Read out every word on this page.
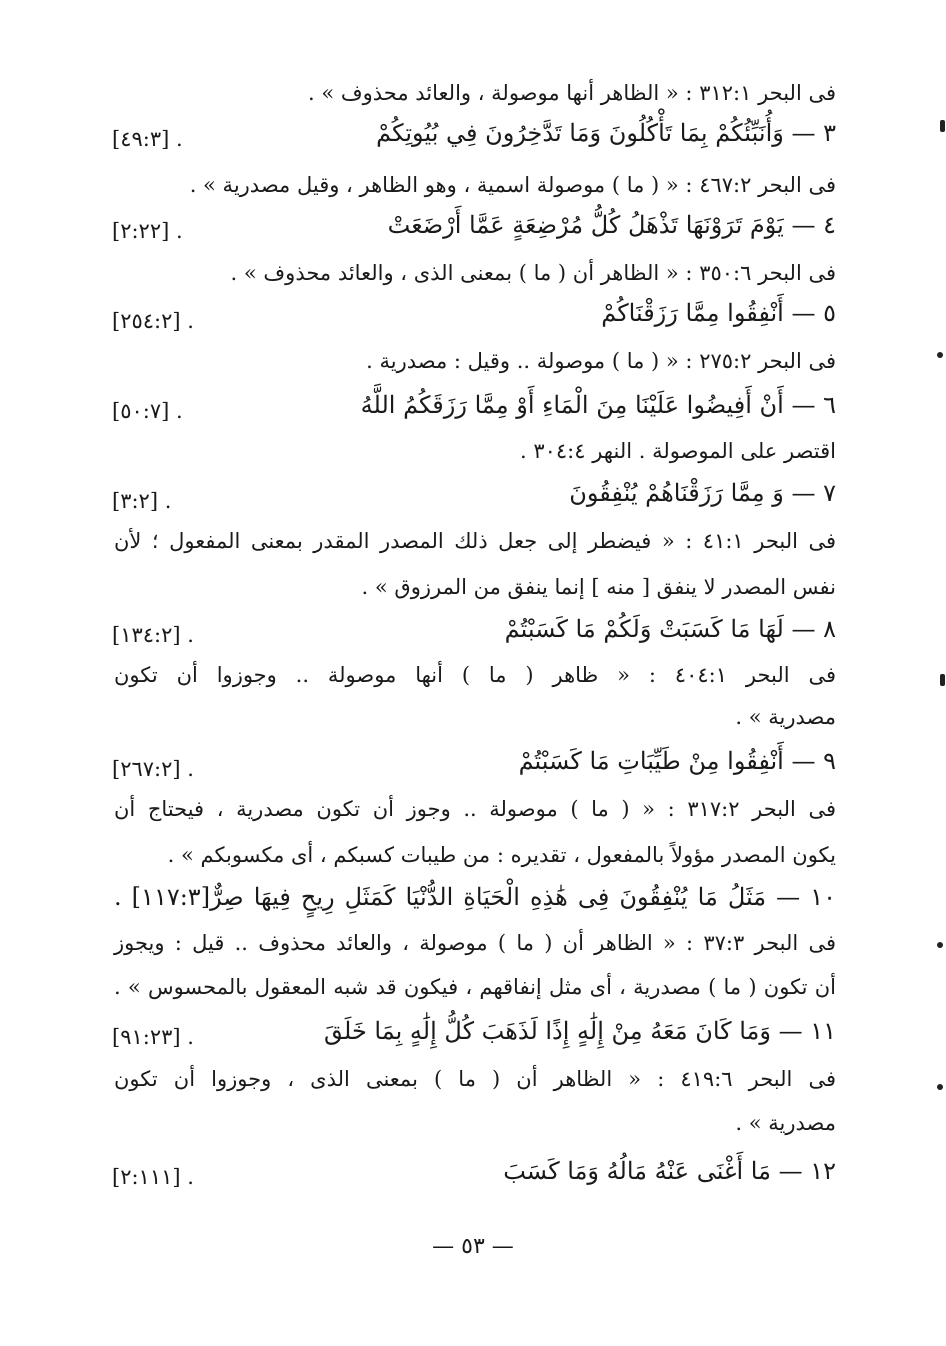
فى البحر ٣١٢:١ : « الظاهر أنها موصولة ، والعائد محذوف » .
٣ — وَأُنَبِّئُكُمْ بِمَا تَأْكُلُونَ وَمَا تَدَّخِرُونَ فِي بُيُوتِكُمْ
[٤٩:٣] .
فى البحر ٤٦٧:٢ : « ( ما ) موصولة اسمية ، وهو الظاهر ، وقيل مصدرية » .
٤ — يَوْمَ تَرَوْنَهَا تَذْهَلُ كُلُّ مُرْضِعَةٍ عَمَّا أَرْضَعَتْ
[٢:٢٢] .
فى البحر ٣٥٠:٦ : « الظاهر أن ( ما ) بمعنى الذى ، والعائد محذوف » .
٥ — أَنْفِقُوا مِمَّا رَزَقْنَاكُمْ
[٢٥٤:٢] .
فى البحر ٢٧٥:٢ : « ( ما ) موصولة .. وقيل : مصدرية .
٦ — أَنْ أَفِيضُوا عَلَيْنَا مِنَ الْمَاءِ أَوْ مِمَّا رَزَقَكُمُ اللَّهُ
[٥٠:٧] .
اقتصر على الموصولة . النهر ٣٠٤:٤ .
٧ — وَ مِمَّا رَزَقْنَاهُمْ يُنْفِقُونَ
[٣:٢] .
فى البحر ٤١:١ : « فيضطر إلى جعل ذلك المصدر المقدر بمعنى المفعول ؛ لأن
نفس المصدر لا ينفق [ منه ] إنما ينفق من المرزوق » .
٨ — لَهَا مَا كَسَبَتْ وَلَكُمْ مَا كَسَبْتُمْ
[١٣٤:٢] .
فى البحر ٤٠٤:١ : « ظاهر ( ما ) أنها موصولة .. وجوزوا أن تكون
مصدرية » .
٩ — أَنْفِقُوا مِنْ طَيِّبَاتِ مَا كَسَبْتُمْ
[٢٦٧:٢] .
فى البحر ٣١٧:٢ : « ( ما ) موصولة .. وجوز أن تكون مصدرية ، فيحتاج أن
يكون المصدر مؤولاً بالمفعول ، تقديره : من طيبات كسبكم ، أى مكسوبكم » .
١٠ — مَثَلُ مَا يُنْفِقُونَ فِى هَٰذِهِ الْحَيَاةِ الدُّنْيَا كَمَثَلِ رِيحٍ فِيهَا صِرٌّ[١١٧:٣] .
فى البحر ٣٧:٣ : « الظاهر أن ( ما ) موصولة ، والعائد محذوف .. قيل : ويجوز
أن تكون ( ما ) مصدرية ، أى مثل إنفاقهم ، فيكون قد شبه المعقول بالمحسوس » .
١١ — وَمَا كَانَ مَعَهُ مِنْ إِلَٰهٍ إِذًا لَذَهَبَ كُلُّ إِلَٰهٍ بِمَا خَلَقَ
[٩١:٢٣] .
فى البحر ٤١٩:٦ : « الظاهر أن ( ما ) بمعنى الذى ، وجوزوا أن تكون
مصدرية » .
١٢ — مَا أَغْنَى عَنْهُ مَالُهُ وَمَا كَسَبَ
[٢:١١١] .
— ٥٣ —
